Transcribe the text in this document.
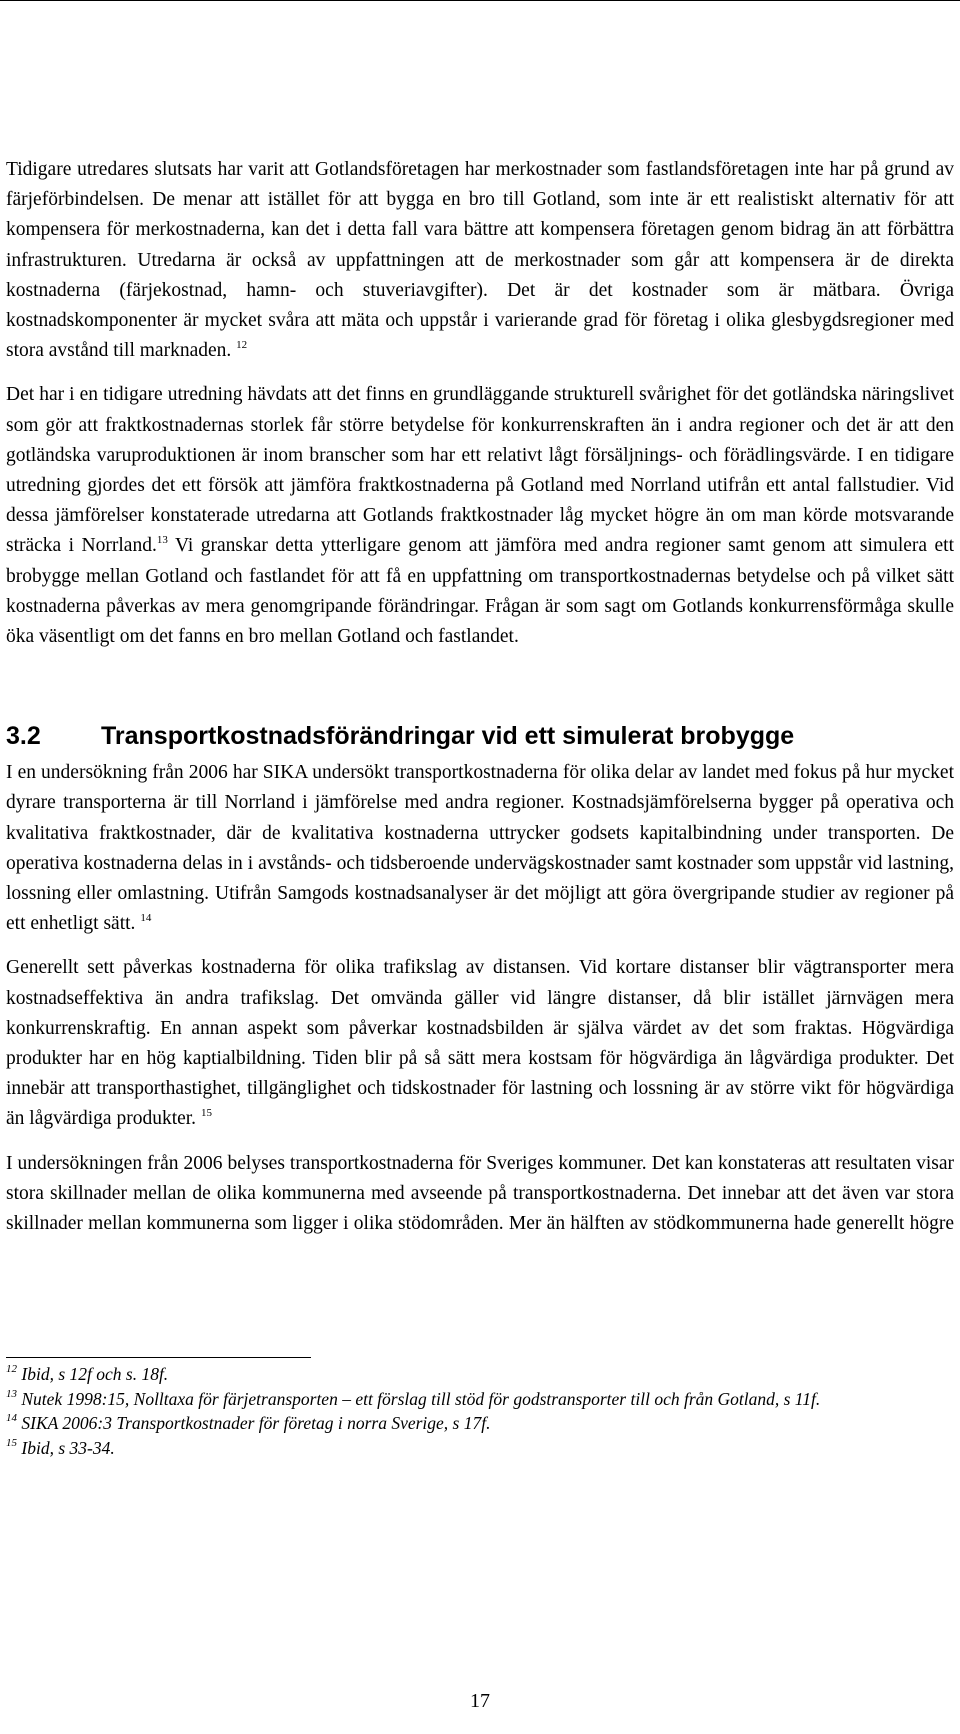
Tidigare utredares slutsats har varit att Gotlandsföretagen har merkostnader som fastlandsföretagen inte har på grund av färjeförbindelsen. De menar att istället för att bygga en bro till Gotland, som inte är ett realistiskt alternativ för att kompensera för merkostnaderna, kan det i detta fall vara bättre att kompensera företagen genom bidrag än att förbättra infrastrukturen. Utredarna är också av uppfattningen att de merkostnader som går att kompensera är de direkta kostnaderna (färjekostnad, hamn- och stuveriavgifter). Det är det kostnader som är mätbara. Övriga kostnadskomponenter är mycket svåra att mäta och uppstår i varierande grad för företag i olika glesbygdsregioner med stora avstånd till marknaden. $^{12}$

Det har i en tidigare utredning hävdats att det finns en grundläggande strukturell svårighet för det gotländska näringslivet som gör att fraktkostnadernas storlek får större betydelse för konkurrenskraften än i andra regioner och det är att den gotländska varuproduktionen är inom branscher som har ett relativt lågt försäljnings- och förädlingsvärde. I en tidigare utredning gjordes det ett försök att jämföra fraktkostnaderna på Gotland med Norrland utifrån ett antal fallstudier. Vid dessa jämförelser konstaterade utredarna att Gotlands fraktkostnader låg mycket högre än om man körde motsvarande sträcka i Norrland.$^{13}$ Vi granskar detta ytterligare genom att jämföra med andra regioner samt genom att simulera ett brobygge mellan Gotland och fastlandet för att få en uppfattning om transportkostnadernas betydelse och på vilket sätt kostnaderna påverkas av mera genomgripande förändringar. Frågan är som sagt om Gotlands konkurrensförmåga skulle öka väsentligt om det fanns en bro mellan Gotland och fastlandet.

3.2 Transportkostnadsförändringar vid ett simulerat brobygge

I en undersökning från 2006 har SIKA undersökt transportkostnaderna för olika delar av landet med fokus på hur mycket dyrare transporterna är till Norrland i jämförelse med andra regioner. Kostnadsjämförelserna bygger på operativa och kvalitativa fraktkostnader, där de kvalitativa kostnaderna uttrycker godsets kapitalbindning under transporten. De operativa kostnaderna delas in i avstånds- och tidsberoende undervägskostnader samt kostnader som uppstår vid lastning, lossning eller omlastning. Utifrån Samgods kostnadsanalyser är det möjligt att göra övergripande studier av regioner på ett enhetligt sätt. $^{14}$

Generellt sett påverkas kostnaderna för olika trafikslag av distansen. Vid kortare distanser blir vägtransporter mera kostnadseffektiva än andra trafikslag. Det omvända gäller vid längre distanser, då blir istället järnvägen mera konkurrenskraftig. En annan aspekt som påverkar kostnadsbilden är själva värdet av det som fraktas. Högvärdiga produkter har en hög kaptialbildning. Tiden blir på så sätt mera kostsam för högvärdiga än lågvärdiga produkter. Det innebär att transporthastighet, tillgänglighet och tidskostnader för lastning och lossning är av större vikt för högvärdiga än lågvärdiga produkter. $^{15}$

I undersökningen från 2006 belyses transportkostnaderna för Sveriges kommuner. Det kan konstateras att resultaten visar stora skillnader mellan de olika kommunerna med avseende på transportkostnaderna. Det innebar att det även var stora skillnader mellan kommunerna som ligger i olika stödområden. Mer än hälften av stödkommunerna hade generellt högre

$^{12}$ Ibid, s 12f och s. 18f.

$^{13}$ Nutek 1998:15, Nolltaxa för färjetransporten – ett förslag till stöd för godstransporter till och från Gotland, s 11f.

$^{14}$ SIKA 2006:3 Transportkostnader för företag i norra Sverige, s 17f.

$^{15}$ Ibid, s 33-34.

17
